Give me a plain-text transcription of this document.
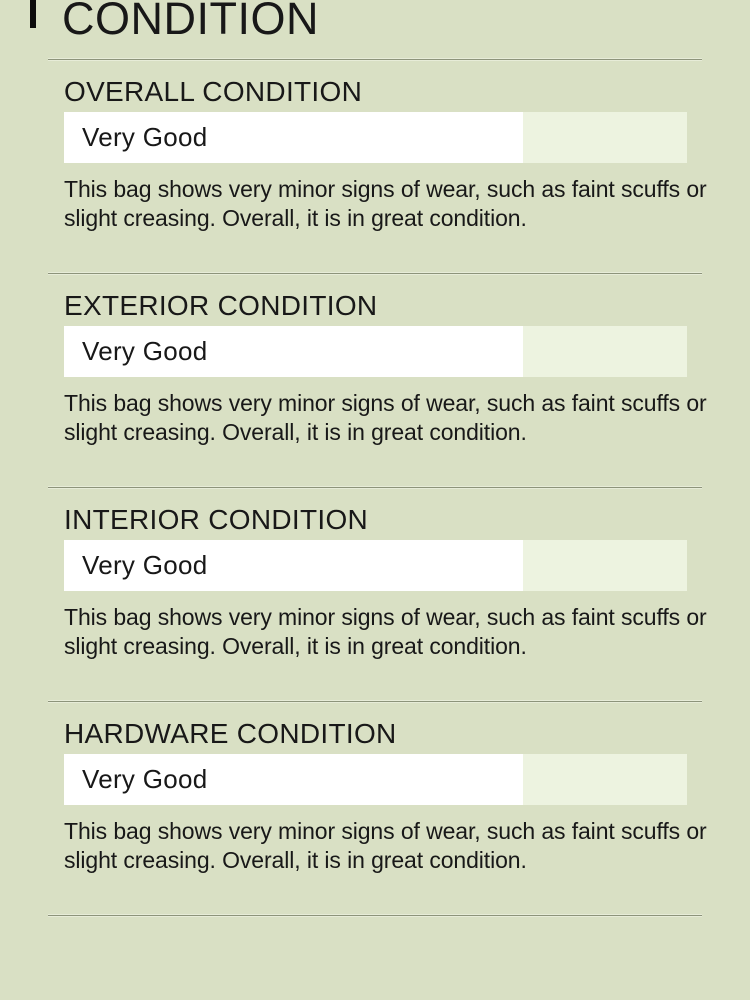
CONDITION
OVERALL CONDITION
Very Good
This bag shows very minor signs of wear, such as faint scuffs or
slight creasing. Overall, it is in great condition.
EXTERIOR CONDITION
Very Good
This bag shows very minor signs of wear, such as faint scuffs or
slight creasing. Overall, it is in great condition.
INTERIOR CONDITION
Very Good
This bag shows very minor signs of wear, such as faint scuffs or
slight creasing. Overall, it is in great condition.
HARDWARE CONDITION
Very Good
This bag shows very minor signs of wear, such as faint scuffs or
slight creasing. Overall, it is in great condition.
